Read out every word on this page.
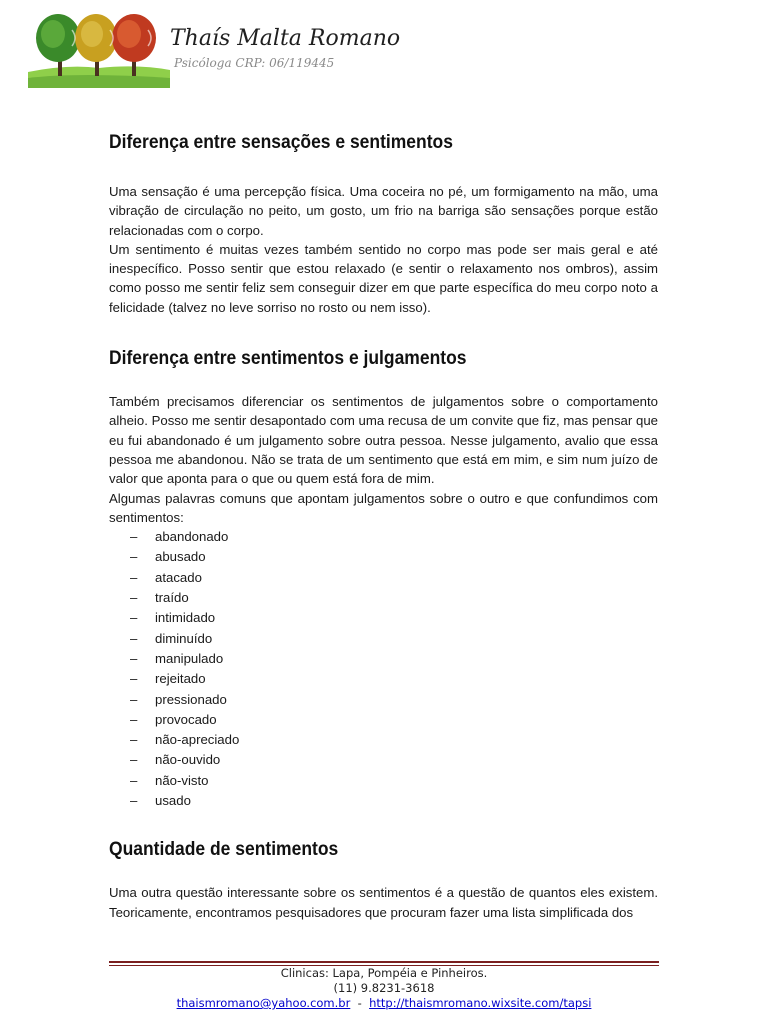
Thaís Malta Romano
Psicóloga CRP: 06/119445
Diferença entre sensações e sentimentos

Uma sensação é uma percepção física. Uma coceira no pé, um formigamento na mão, uma vibração de circulação no peito, um gosto, um frio na barriga são sensações porque estão relacionadas com o corpo.

Um sentimento é muitas vezes também sentido no corpo mas pode ser mais geral e até inespecífico. Posso sentir que estou relaxado (e sentir o relaxamento nos ombros), assim como posso me sentir feliz sem conseguir dizer em que parte específica do meu corpo noto a felicidade (talvez no leve sorriso no rosto ou nem isso).

Diferença entre sentimentos e julgamentos

Também precisamos diferenciar os sentimentos de julgamentos sobre o comportamento alheio. Posso me sentir desapontado com uma recusa de um convite que fiz, mas pensar que eu fui abandonado é um julgamento sobre outra pessoa. Nesse julgamento, avalio que essa pessoa me abandonou. Não se trata de um sentimento que está em mim, e sim num juízo de valor que aponta para o que ou quem está fora de mim.

Algumas palavras comuns que apontam julgamentos sobre o outro e que confundimos com sentimentos:

–	abandonado
–	abusado
–	atacado
–	traído
–	intimidado
–	diminuído
–	manipulado
–	rejeitado
–	pressionado
–	provocado
–	não-apreciado
–	não-ouvido
–	não-visto
–	usado
Quantidade de sentimentos

Uma outra questão interessante sobre os sentimentos é a questão de quantos eles existem. Teoricamente, encontramos pesquisadores que procuram fazer uma lista simplificada dos

Clinicas: Lapa, Pompéia e Pinheiros.
(11) 9.8231-3618
thaismromano@yahoo.com.br - http://thaismromano.wixsite.com/tapsi
